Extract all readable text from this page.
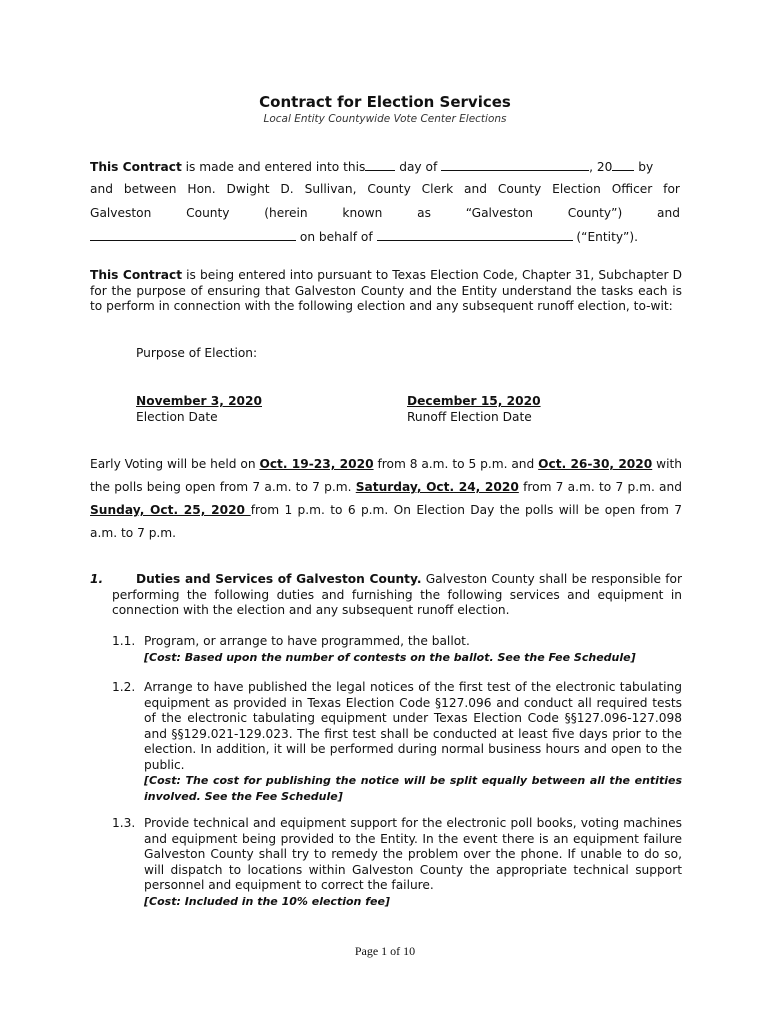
Contract for Election Services
Local Entity Countywide Vote Center Elections
This Contract is made and entered into this day of	, 20 by
and between Hon. Dwight D. Sullivan, County Clerk and County Election Officer for
Galveston	County	(herein	known	as	“Galveston	County”)	and
on behalf of	(“Entity”).
This Contract is being entered into pursuant to Texas Election Code, Chapter 31, Subchapter D for the purpose of ensuring that Galveston County and the Entity understand the tasks each is to perform in connection with the following election and any subsequent runoff election, to-wit:
Purpose of Election:
November 3, 2020
Election Date
December 15, 2020
Runoff Election Date
Early Voting will be held on Oct. 19-23, 2020 from 8 a.m. to 5 p.m. and Oct. 26-30, 2020 with the polls being open from 7 a.m. to 7 p.m. Saturday, Oct. 24, 2020 from 7 a.m. to 7 p.m. and Sunday, Oct. 25, 2020 from 1 p.m. to 6 p.m. On Election Day the polls will be open from 7 a.m. to 7 p.m.
1.	Duties and Services of Galveston County. Galveston County shall be responsible for performing the following duties and furnishing the following services and equipment in connection with the election and any subsequent runoff election.
1.1. Program, or arrange to have programmed, the ballot.
[Cost: Based upon the number of contests on the ballot. See the Fee Schedule]
1.2. Arrange to have published the legal notices of the first test of the electronic tabulating equipment as provided in Texas Election Code §127.096 and conduct all required tests of the electronic tabulating equipment under Texas Election Code §§127.096-127.098 and §§129.021-129.023. The first test shall be conducted at least five days prior to the election. In addition, it will be performed during normal business hours and open to the public.
[Cost: The cost for publishing the notice will be split equally between all the entities involved. See the Fee Schedule]
1.3. Provide technical and equipment support for the electronic poll books, voting machines and equipment being provided to the Entity. In the event there is an equipment failure Galveston County shall try to remedy the problem over the phone. If unable to do so, will dispatch to locations within Galveston County the appropriate technical support personnel and equipment to correct the failure.
[Cost: Included in the 10% election fee]
Page 1 of 10
